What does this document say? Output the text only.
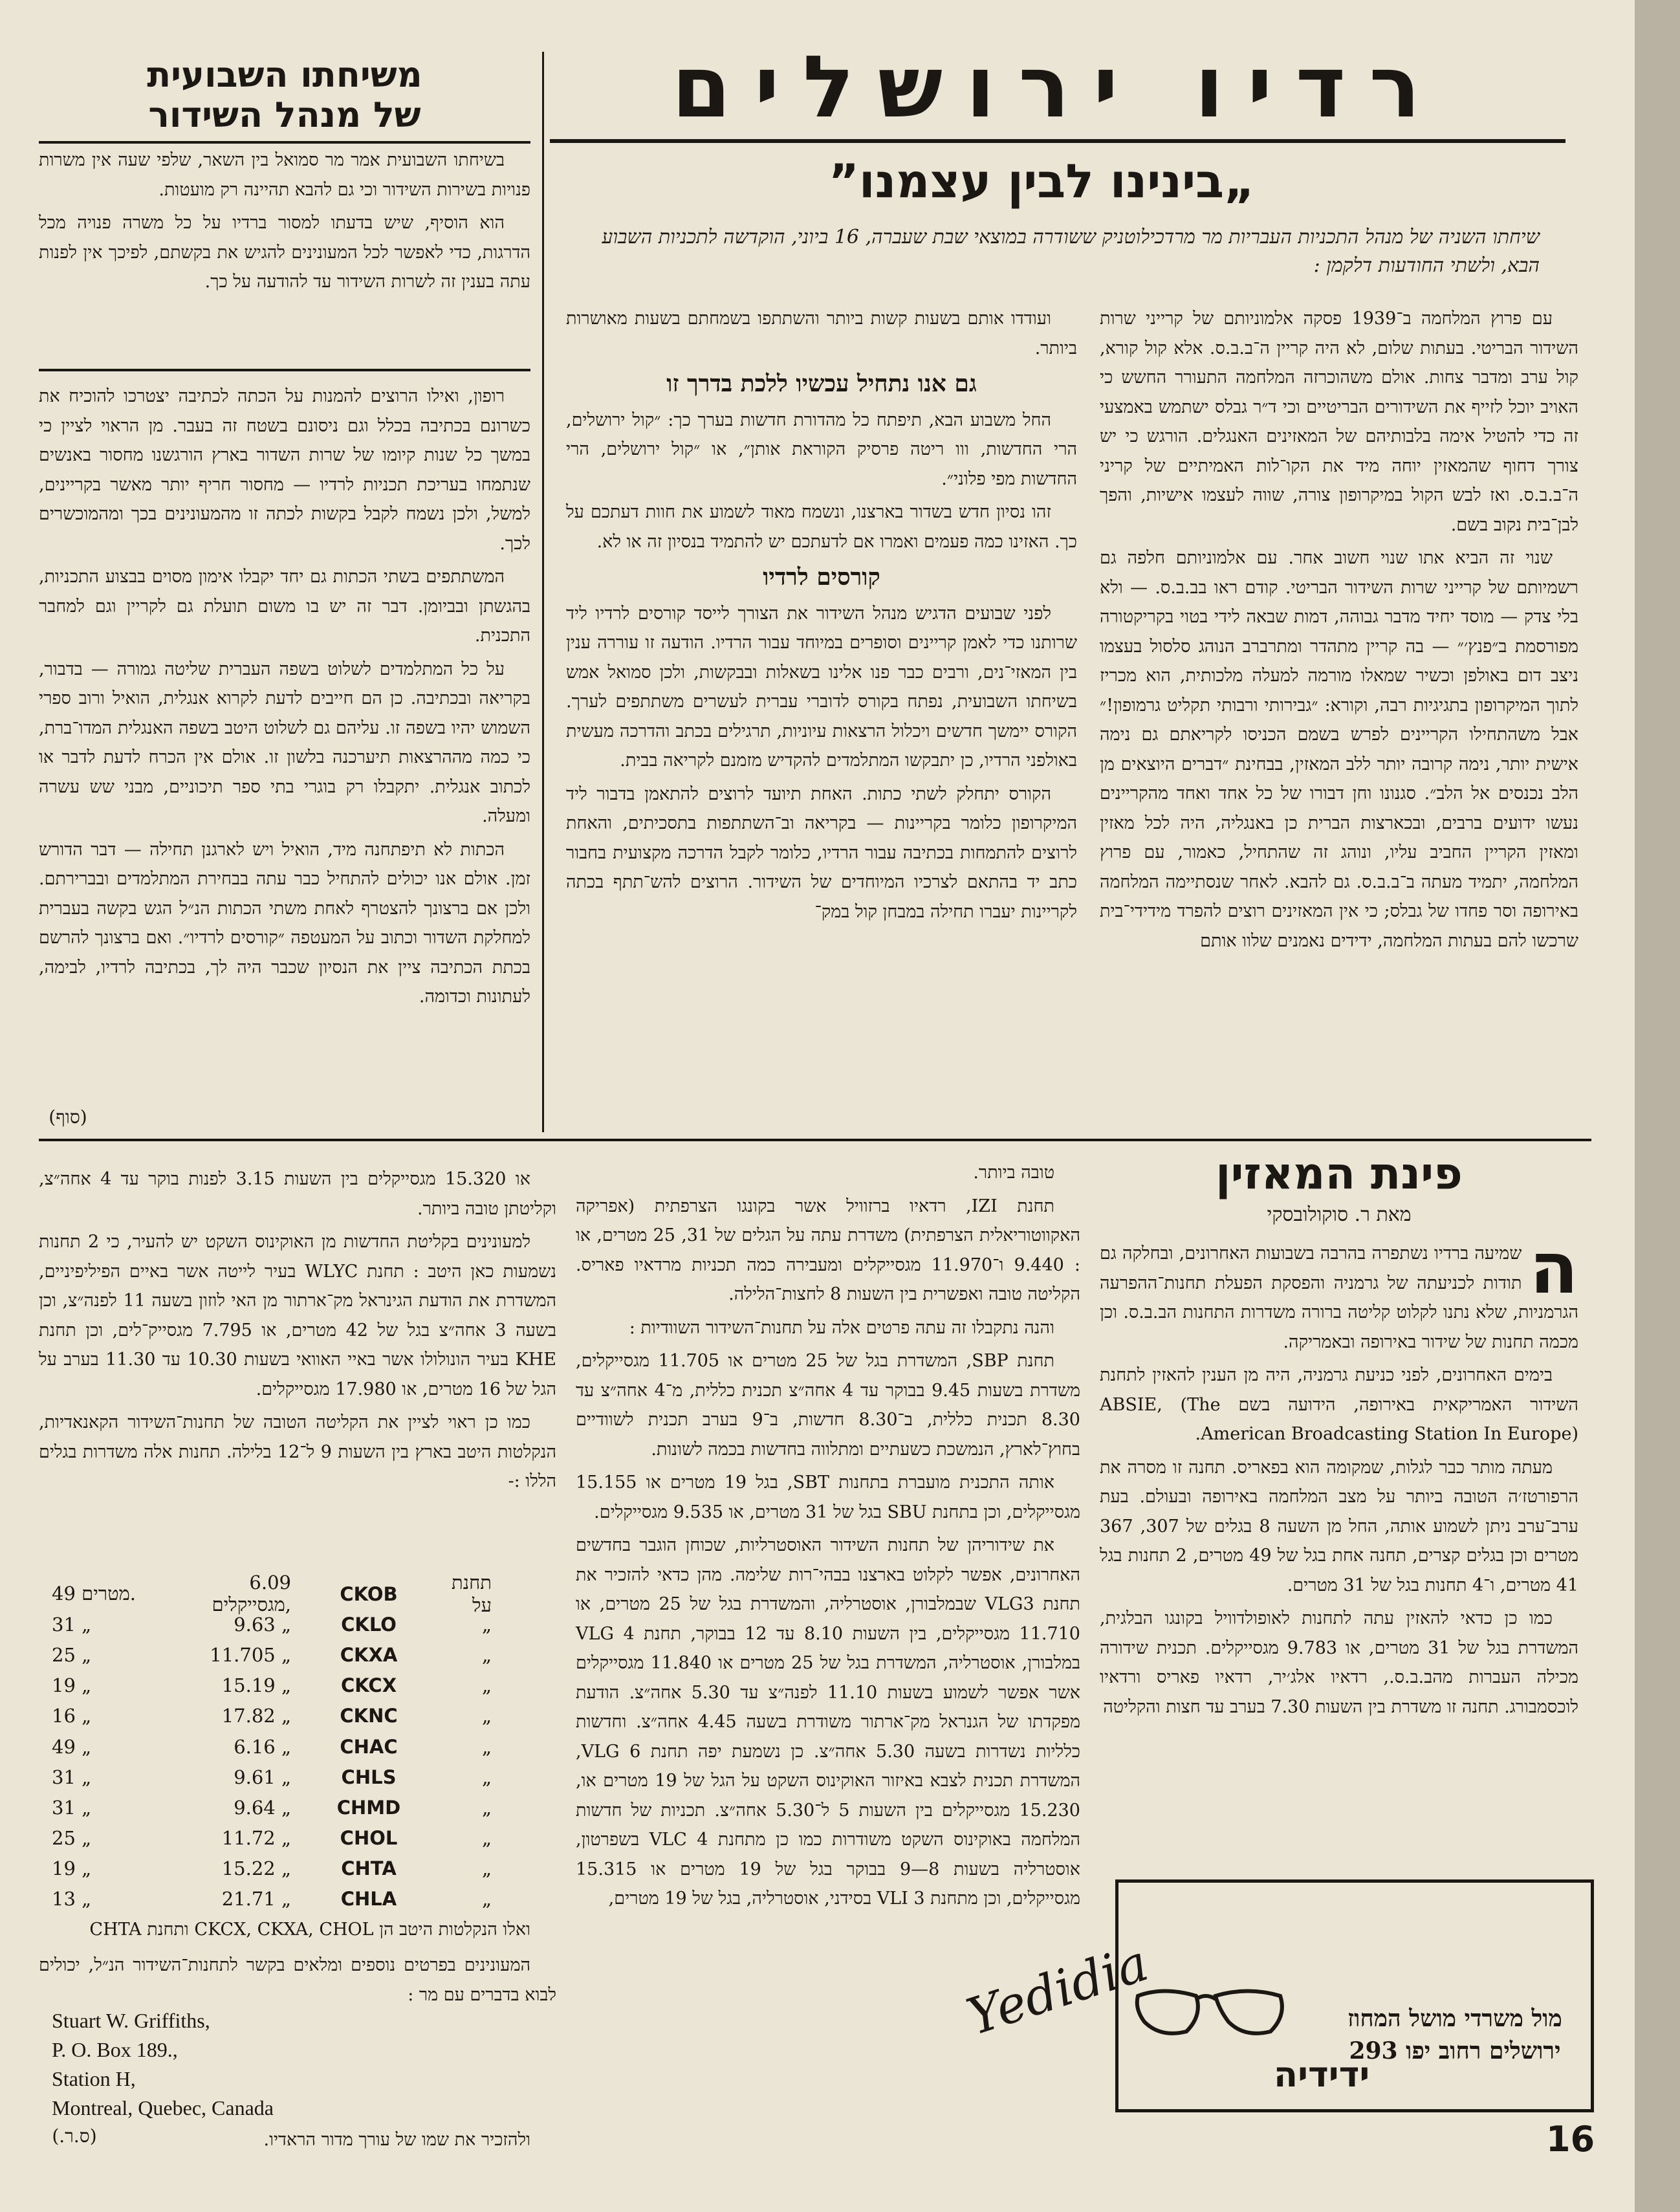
רדיו ירושלים
משיחתו השבועית
של מנהל השידור

בשיחתו השבועית אמר מר סמואל בין השאר, שלפי שעה אין משרות פנויות בשירות השידור וכי גם להבא תהיינה רק מועטות.

הוא הוסיף, שיש בדעתו למסור ברדיו על כל משרה פנויה מכל הדרגות, כדי לאפשר לכל המעונינים להגיש את בקשתם, לפיכך אין לפנות עתה בענין זה לשרות השידור עד להודעה על כך.

„בינינו לבין עצמנו”
שיחתו השניה של מנהל התכניות העבריות מר מרדכילוטניק ששודרה במוצאי שבת שעברה, 16 ביוני, הוקדשה לתכניות השבוע הבא, ולשתי החודעות דלקמן :

עם פרוץ המלחמה ב־1939 פסקה אלמוניותם של קרייני שרות השידור הבריטי. בעתות שלום, לא היה קריין ה־ב.ב.ס. אלא קול קורא, קול ערב ומדבר צחות. אולם משהוכרזה המלחמה התעורר החשש כי האויב יוכל לזייף את השידורים הבריטיים וכי ד״ר גבלס ישתמש באמצעי זה כדי להטיל אימה בלבותיהם של המאזינים האנגלים. הורגש כי יש צורך דחוף שהמאזין יוחה מיד את הקו־לות האמיתיים של קריני ה־ב.ב.ס. ואז לבש הקול במיקרופון צורה, שווה לעצמו אישיות, והפך לבן־בית נקוב בשם.

שנוי זה הביא אתו שנוי חשוב אחר. עם אלמוניותם חלפה גם רשמיותם של קרייני שרות השידור הבריטי. קודם ראו בב.ב.ס. — ולא בלי צדק — מוסד יחיד מדבר גבוהה, דמות שבאה לידי בטוי בקריקטורה מפורסמת ב״פנץ׳״ — בה קריין מתהדר ומתרברב הנוהג סלסול בעצמו ניצב דום באולפן וכשיר שמאלו מורמה למעלה מלכותית, הוא מכריז לתוך המיקרופון בתגיגיות רבה, וקורא: ״גבירותי ורבותי תקליט גרמופון!״ אבל משהתחילו הקריינים לפרש בשמם הכניסו לקריאתם גם נימה אישית יותר, נימה קרובה יותר ללב המאזין, בבחינת ״דברים היוצאים מן הלב נכנסים אל הלב״. סגנונו וחן דבורו של כל אחד ואחד מהקריינים נעשו ידועים ברבים, ובכארצות הברית כן באנגליה, היה לכל מאזין ומאזין הקריין החביב עליו, ונוהג זה שהתחיל, כאמור, עם פרוץ המלחמה, יתמיד מעתה ב־ב.ב.ס. גם להבא. לאחר שנסתיימה המלחמה באירופה וסר פחדו של גבלס; כי אין המאזינים רוצים להפרד מידידי־בית שרכשו להם בעתות המלחמה, ידידים נאמנים שלוו אותם

ועודדו אותם בשעות קשות ביותר והשתתפו בשמחתם בשעות מאושרות ביותר.

גם אנו נתחיל עכשיו ללכת בדרך זו

החל משבוע הבא, תיפתח כל מהדורת חדשות בערך כך: ״קול ירושלים, הרי החדשות, ווו ריטה פרסיק הקוראת אותן״, או ״קול ירושלים, הרי החדשות מפי פלוני״.

זהו נסיון חדש בשדור בארצנו, ונשמח מאוד לשמוע את חוות דעתכם על כך. האזינו כמה פעמים ואמרו אם לדעתכם יש להתמיד בנסיון זה או לא.

קורסים לרדיו

לפני שבועים הדגיש מנהל השידור את הצורך לייסד קורסים לרדיו ליד שרותנו כדי לאמן קריינים וסופרים במיוחד עבור הרדיו. הודעה זו עוררה ענין בין המאזי־נים, ורבים כבר פנו אלינו בשאלות ובבקשות, ולכן סמואל אמש בשיחתו השבועית, נפתח בקורס לדוברי עברית לעשרים משתתפים לערך. הקורס יימשך חדשים ויכלול הרצאות עיוניות, תרגילים בכתב והדרכה מעשית באולפני הרדיו, כן יתבקשו המתלמדים להקדיש מזמנם לקריאה בבית.

הקורס יתחלק לשתי כתות. האחת תיועד לרוצים להתאמן בדבור ליד המיקרופון כלומר בקריינות — בקריאה וב־השתתפות בתסכיתים, והאחת לרוצים להתמחות בכתיבה עבור הרדיו, כלומר לקבל הדרכה מקצועית בחבור כתב יד בהתאם לצרכיו המיוחדים של השידור. הרוצים להש־תתף בכתה לקריינות יעברו תחילה במבחן קול במק־

רופון, ואילו הרוצים להמנות על הכתה לכתיבה יצטרכו להוכיח את כשרונם בכתיבה בכלל וגם ניסונם בשטח זה בעבר. מן הראוי לציין כי במשך כל שנות קיומו של שרות השדור בארץ הורגשנו מחסור באנשים שנתמחו בעריכת תכניות לרדיו — מחסור חריף יותר מאשר בקריינים, למשל, ולכן נשמח לקבל בקשות לכתה זו מהמעונינים בכך ומהמוכשרים לכך.

המשתתפים בשתי הכתות גם יחד יקבלו אימון מסוים בבצוע התכניות, בהגשתן ובביומן. דבר זה יש בו משום תועלת גם לקריין וגם למחבר התכנית.

על כל המתלמדים לשלוט בשפה העברית שליטה גמורה — בדבור, בקריאה ובכתיבה. כן הם חייבים לדעת לקרוא אנגלית, הואיל ורוב ספרי השמוש יהיו בשפה זו. עליהם גם לשלוט היטב בשפה האנגלית המדו־ברת, כי כמה מההרצאות תיערכנה בלשון זו. אולם אין הכרח לדעת לדבר או לכתוב אנגלית. יתקבלו רק בוגרי בתי ספר תיכוניים, מבני שש עשרה ומעלה.

הכתות לא תיפתחנה מיד, הואיל ויש לארגנן תחילה — דבר הדורש זמן. אולם אנו יכולים להתחיל כבר עתה בבחירת המתלמדים ובברירתם. ולכן אם ברצונך להצטרף לאחת משתי הכתות הנ״ל הגש בקשה בעברית למחלקת השדור וכתוב על המעטפה ״קורסים לרדיו״. ואם ברצונך להרשם בכתת הכתיבה ציין את הנסיון שכבר היה לך, בכתיבה לרדיו, לבימה, לעתונות וכדומה.

(סוף)
פינת המאזין
מאת ר. סוקולובסקי

ה
שמיעה ברדיו נשתפרה בהרבה בשבועות האחרונים, ובחלקה גם תודות לכניעתה של גרמניה והפסקת הפעלת תחנות־ההפרעה הגרמניות, שלא נתנו לקלוט קליטה ברורה משדרות התחנות הב.ב.ס. וכן מכמה תחנות של שידור באירופה ובאמריקה.

בימים האחרונים, לפני כניעת גרמניה, היה מן הענין להאזין לתחנת השידור האמריקאית באירופה, הידועה בשם ABSIE, (The American Broadcasting Station In Europe).

מעתה מותר כבר לגלות, שמקומה הוא בפאריס. תחנה זו מסרה את הרפורטז׳ה הטובה ביותר על מצב המלחמה באירופה ובעולם. בעת ערב־ערב ניתן לשמוע אותה, החל מן השעה 8 בגלים של 307, 367 מטרים וכן בגלים קצרים, תחנה אחת בגל של 49 מטרים, 2 תחנות בגל 41 מטרים, ו־4 תחנות בגל של 31 מטרים.

כמו כן כדאי להאזין עתה לתחנות לאופולדוויל בקונגו הבלגית, המשדרת בגל של 31 מטרים, או 9.783 מגסייקלים. תכנית שידורה מכילה העברות מהב.ב.ס., רדאיו אלג׳יר, רדאיו פאריס ורדאיו לוכסמבורג. תחנה זו משדרת בין השעות 7.30 בערב עד חצות והקליטה

טובה ביותר.

תחנת IZI, רדאיו ברזוויל אשר בקונגו הצרפתית (אפריקה האקווטוריאלית הצרפתית) משדרת עתה על הגלים של 31, 25 מטרים, או : 9.440 ו־11.970 מגסייקלים ומעבירה כמה תכניות מרדאיו פאריס. הקליטה טובה ואפשרית בין השעות 8 לחצות־הלילה.

והנה נתקבלו זה עתה פרטים אלה על תחנות־השידור השוודיות :

תחנת SBP, המשדרת בגל של 25 מטרים או 11.705 מגסייקלים, משדרת בשעות 9.45 בבוקר עד 4 אחה״צ תכנית כללית, מ־4 אחה״צ עד 8.30 תכנית כללית, ב־8.30 חדשות, ב־9 בערב תכנית לשוודיים בחוץ־לארץ, הנמשכת כשעתיים ומתלווה בחדשות בכמה לשונות.

אותה התכנית מועברת בתחנות SBT, בגל 19 מטרים או 15.155 מגסייקלים, וכן בתחנת SBU בגל של 31 מטרים, או 9.535 מגסייקלים.

את שידוריהן של תחנות השידור האוסטרליות, שכוחן הוגבר בחדשים האחרונים, אפשר לקלוט בארצנו בבהי־רות שלימה. מהן כדאי להזכיר את תחנת VLG3 שבמלבורן, אוסטרליה, והמשדרת בגל של 25 מטרים, או 11.710 מגסייקלים, בין השעות 8.10 עד 12 בבוקר, תחנת VLG 4 במלבורן, אוסטרליה, המשדרת בגל של 25 מטרים או 11.840 מגסייקלים אשר אפשר לשמוע בשעות 11.10 לפנה״צ עד 5.30 אחה״צ. הודעת מפקדתו של הגנראל מק־ארתור משודרת בשעה 4.45 אחה״צ. וחדשות כלליות נשדרות בשעה 5.30 אחה״צ. כן נשמעת יפה תחנת VLG 6, המשדרת תכנית לצבא באיזור האוקינוס השקט על הגל של 19 מטרים או, 15.230 מגסייקלים בין השעות 5 ל־5.30 אחה״צ. תכניות של חדשות המלחמה באוקינוס השקט משודרות כמו כן מתחנת VLC 4 בשפרטון, אוסטרליה בשעות 8—9 בבוקר בגל של 19 מטרים או 15.315 מגסייקלים, וכן מתחנת VLI 3 בסידני, אוסטרליה, בגל של 19 מטרים,

או 15.320 מגסייקלים בין השעות 3.15 לפנות בוקר עד 4 אחה״צ, וקליטתן טובה ביותר.

למעונינים בקליטת החדשות מן האוקינוס השקט יש להעיר, כי 2 תחנות נשמעות כאן היטב : תחנת WLYC בעיר לייטה אשר באיים הפיליפיניים, המשדרת את הודעת הגינראל מק־ארתור מן האי לוזון בשעה 11 לפנה״צ, וכן בשעה 3 אחה״צ בגל של 42 מטרים, או 7.795 מגסייק־לים, וכן תחנת KHE בעיר הונולולו אשר באיי האוואי בשעות 10.30 עד 11.30 בערב על הגל של 16 מטרים, או 17.980 מגסייקלים.

כמו כן ראוי לציין את הקליטה הטובה של תחנות־השידור הקאנאדיות, הנקלטות היטב בארץ בין השעות 9 ל־12 בלילה. תחנות אלה משדרות בגלים הללו :-

49 מטרים.	6.09 מגסייקלים,	CKOB
תחנת על
31 „	9.63 „	CKLO	„
25 „	11.705 „	CKXA	„
19 „	15.19 „	CKCX	„
16 „	17.82 „	CKNC	„
49 „	6.16 „	CHAC	„
31 „	9.61 „	CHLS	„
31 „	9.64 „	CHMD	„
25 „	11.72 „	CHOL	„
19 „	15.22 „	CHTA	„
13 „	21.71 „	CHLA	„

ואלו הנקלטות היטב הן CKCX, CKXA, CHOL ותחנת CHTA

המעונינים בפרטים נוספים ומלאים בקשר לתחנות־השידור הנ״ל, יכולים לבוא בדברים עם מר :

Stuart W. Griffiths,
P. O. Box 189.,
Station H,
Montreal, Quebec, Canada

ולהזכיר את שמו של עורך מדור הראדיו.

(ס.ר.)
Yedidia
ידידיה
מול משרדי מושל המחוז
ירושלים רחוב יפו 293
16
